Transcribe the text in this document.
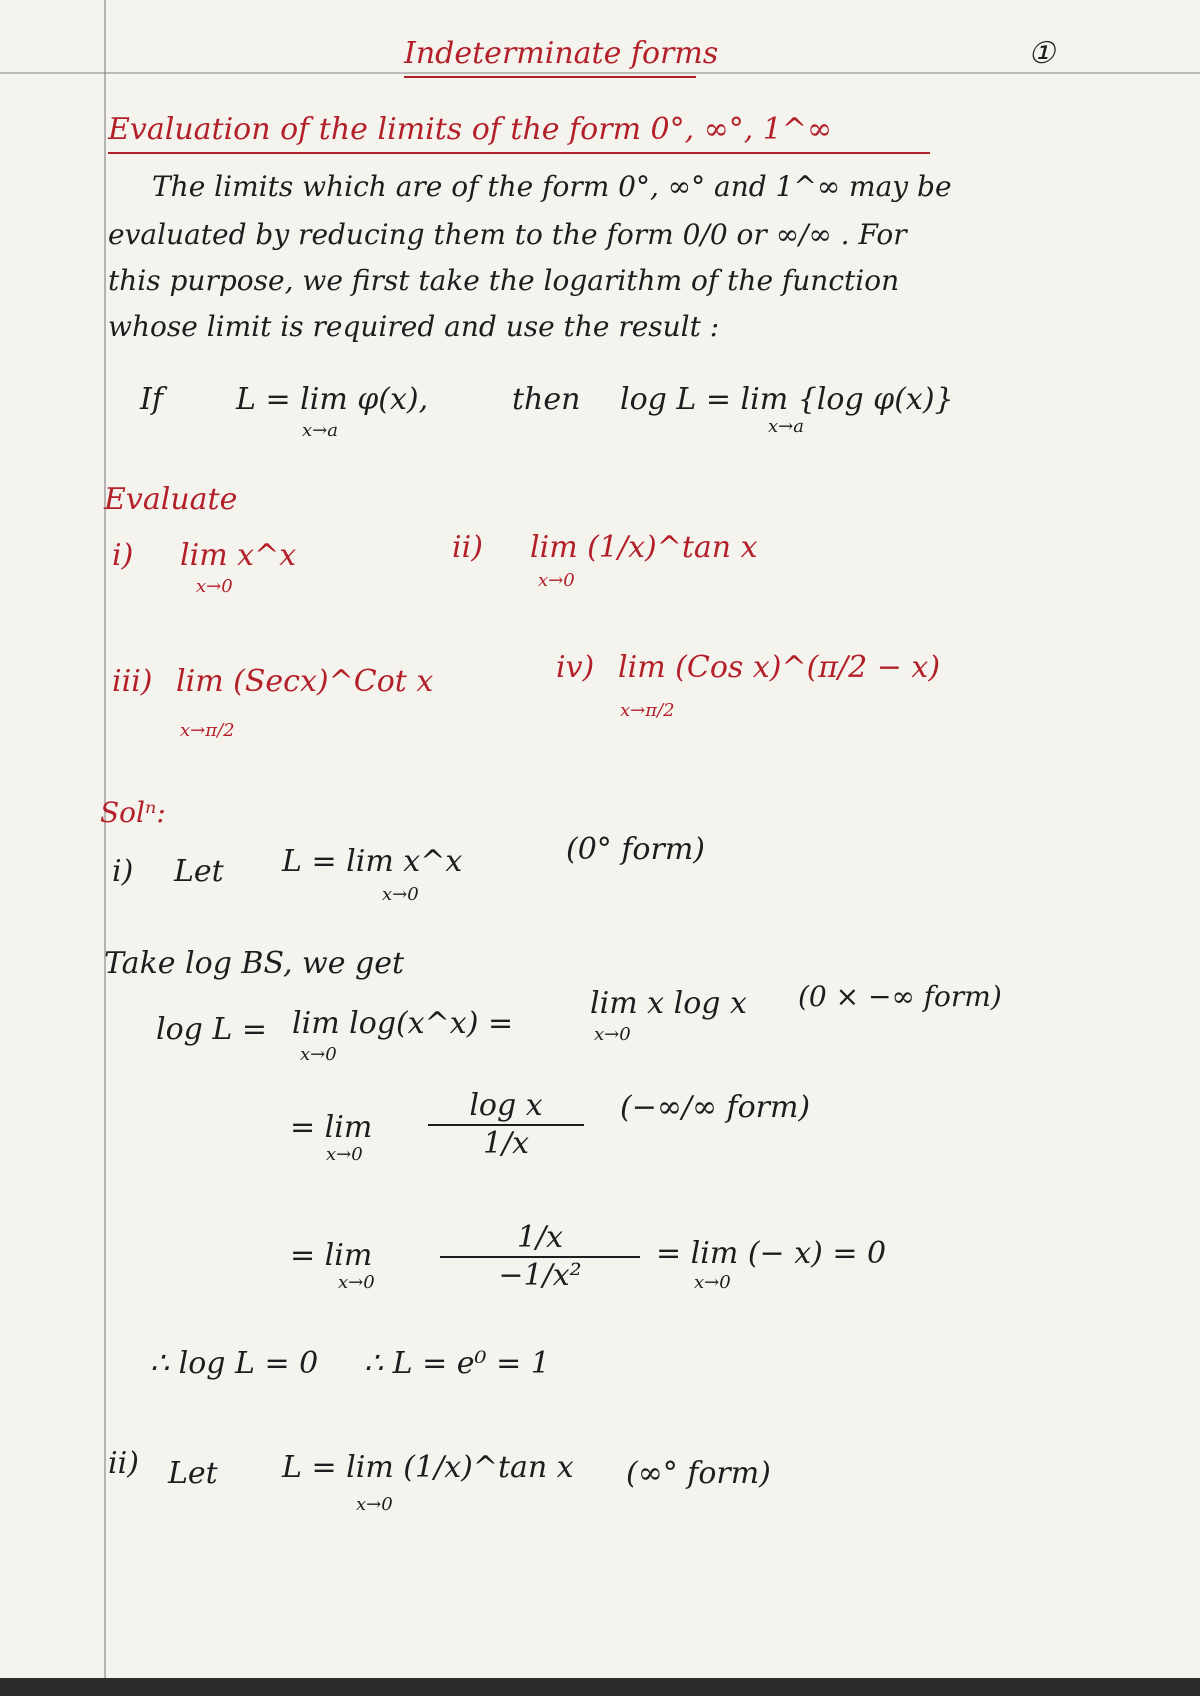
Indeterminate forms	①
Evaluation of the limits of the form 0°, ∞°, 1^∞
The limits which are of the form 0°, ∞° and 1^∞ may be
evaluated by reducing them to the form 0/0 or ∞/∞ . For
this purpose, we first take the logarithm of the function
whose limit is required and use the result :
If L = lim φ(x),
x→a
then log L = lim {log φ(x)}
x→a
Evaluate
i) lim x^x
x→0
ii) lim (1/x)^tan x
x→0
iii) lim (Secx)^Cot x
x→π/2
iv) lim (Cos x)^(π/2 − x)
x→π/2
Solⁿ:
i) Let L = lim x^x
x→0
(0° form)
Take log BS, we get
log L = lim log(x^x) =
x→0
lim x log x
x→0
(0 × −∞ form)
= lim
x→0
log x
1/x
(−∞/∞ form)
= lim
x→0
1/x
−1/x²
= lim (− x) = 0
x→0
∴ log L = 0 ∴ L = e⁰ = 1
ii) Let L = lim (1/x)^tan x
x→0
(∞° form)
